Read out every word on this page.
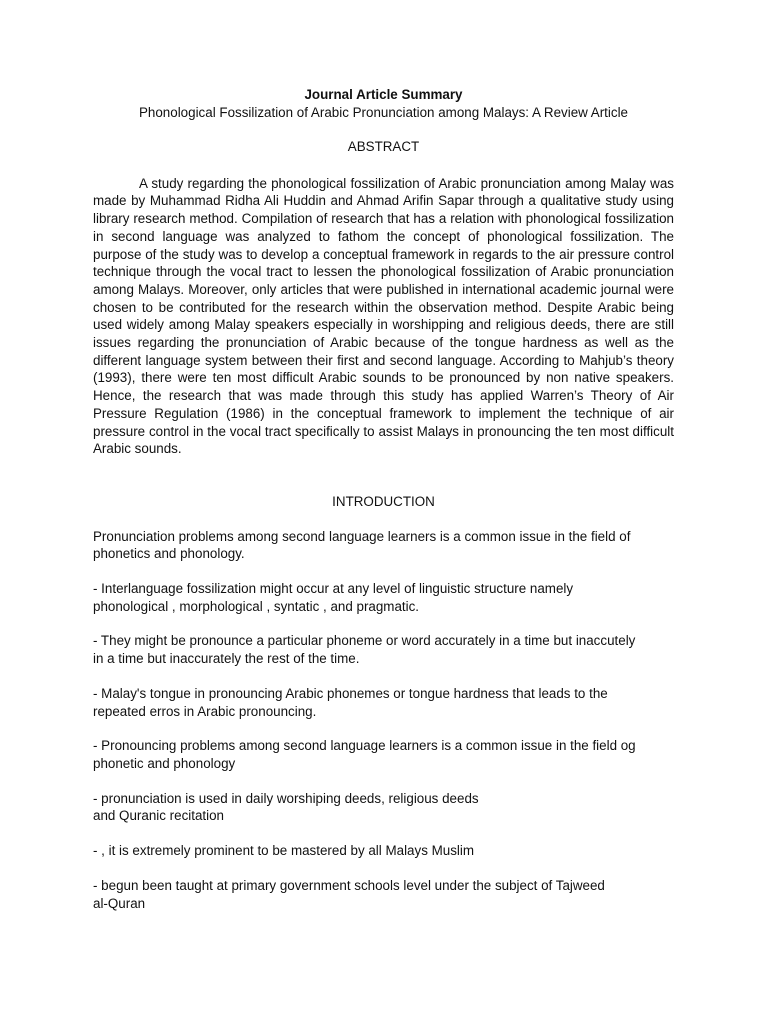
Journal Article Summary

Phonological Fossilization of Arabic Pronunciation among Malays: A Review Article

ABSTRACT

A study regarding the phonological fossilization of Arabic pronunciation among Malay was made by Muhammad Ridha Ali Huddin and Ahmad Arifin Sapar through a qualitative study using library research method. Compilation of research that has a relation with phonological fossilization in second language was analyzed to fathom the concept of phonological fossilization. The purpose of the study was to develop a conceptual framework in regards to the air pressure control technique through the vocal tract to lessen the phonological fossilization of Arabic pronunciation among Malays. Moreover, only articles that were published in international academic journal were chosen to be contributed for the research within the observation method. Despite Arabic being used widely among Malay speakers especially in worshipping and religious deeds, there are still issues regarding the pronunciation of Arabic because of the tongue hardness as well as the different language system between their first and second language. According to Mahjub’s theory (1993), there were ten most difficult Arabic sounds to be pronounced by non native speakers. Hence, the research that was made through this study has applied Warren’s Theory of Air Pressure Regulation (1986) in the conceptual framework to implement the technique of air pressure control in the vocal tract specifically to assist Malays in pronouncing the ten most difficult Arabic sounds.

INTRODUCTION

Pronunciation problems among second language learners is a common issue in the field of phonetics and phonology.

- Interlanguage fossilization might occur at any level of linguistic structure namely
phonological , morphological , syntatic , and pragmatic.

- They might be pronounce a particular phoneme or word accurately in a time but inaccutely
in a time but inaccurately the rest of the time.

- Malay's tongue in pronouncing Arabic phonemes or tongue hardness that leads to the
repeated erros in Arabic pronouncing.

- Pronouncing problems among second language learners is a common issue in the field og
phonetic and phonology

- pronunciation is used in daily worshiping deeds, religious deeds
and Quranic recitation

- , it is extremely prominent to be mastered by all Malays Muslim

- begun been taught at primary government schools level under the subject of Tajweed
al-Quran
